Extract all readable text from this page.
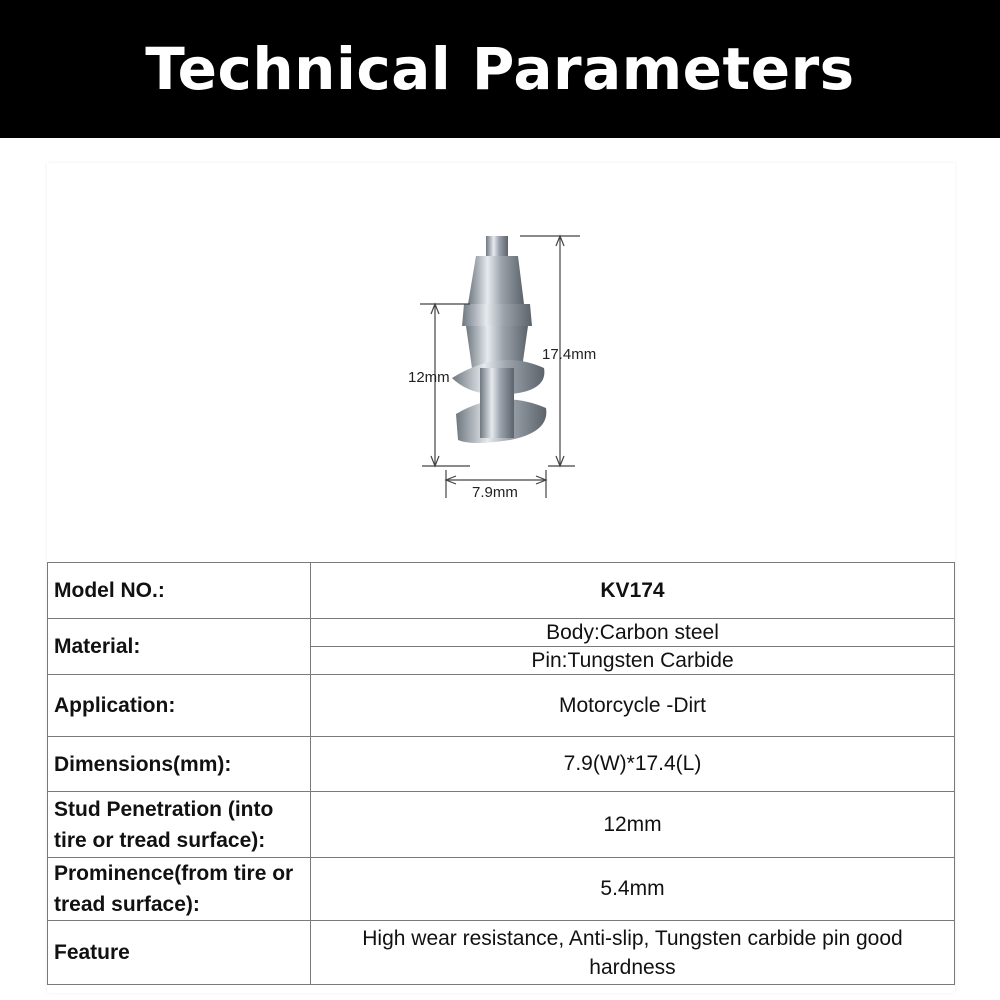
Technical Parameters
17.4mm
12mm
7.9mm
Model NO.:	KV174
Material:	Body:Carbon steel
	Pin:Tungsten Carbide
Application:	Motorcycle -Dirt
Dimensions(mm):	7.9(W)*17.4(L)
Stud Penetration (into tire or tread surface):	12mm
Prominence(from tire or tread surface):	5.4mm
Feature	High wear resistance, Anti-slip, Tungsten carbide pin good hardness
